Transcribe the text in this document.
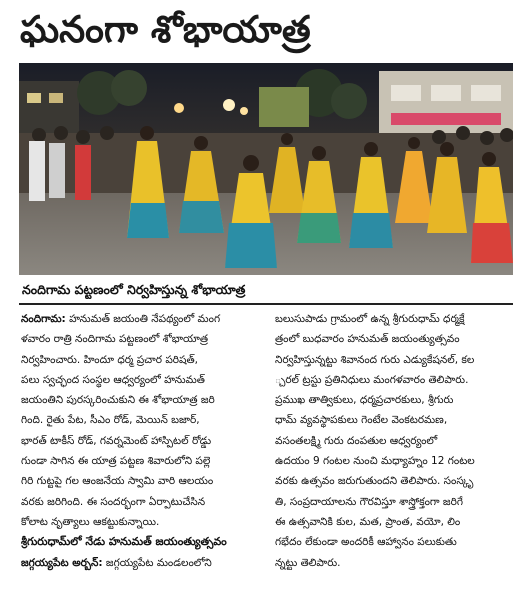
ఘనంగా శోభాయాత్ర
నందిగామ పట్టణంలో నిర్వహిస్తున్న శోభాయాత్ర
నందిగామ: హనుమత్ జయంతి నేపథ్యంలో మంగ
ళవారం రాత్రి నందిగామ పట్టణంలో శోభాయాత్ర
నిర్వహించారు. హిందూ ధర్మ ప్రచార పరిషత్,
పలు స్వచ్ఛంద సంస్థల ఆధ్వర్యంలో హనుమత్
జయంతిని పురస్కరించుకుని ఈ శోభాయాత్ర జరి
గింది. రైతు పేట, సీఎం రోడ్, మెయిన్ బజార్,
భారత్ టాకీస్ రోడ్, గవర్నమెంట్ హాస్పిటల్ రోడ్డు
గుండా సాగిన ఈ యాత్ర పట్టణ శివారులోని పల్లె
గిరి గుట్టపై గల ఆంజనేయ స్వామి వారి ఆలయం
వరకు జరిగింది. ఈ సందర్భంగా ఏర్పాటుచేసిన
కోలాట నృత్యాలు ఆకట్టుకున్నాయి.
శ్రీగురుధామ్‌లో నేడు హనుమత్ జయంత్యుత్సవం
జగ్గయ్యపేట అర్బన్: జగ్గయ్యపేట మండలంలోని
బలుసుపాడు గ్రామంలో ఉన్న శ్రీగురుధామ్ ధర్మక్షే
త్రంలో బుధవారం హనుమత్ జయంత్యుత్సవం
నిర్వహిస్తున్నట్టు శివానంద గురు ఎడ్యుకేషనల్, కల
్చరల్ ట్రస్టు ప్రతినిధులు మంగళవారం తెలిపారు.
ప్రముఖ తాత్వికులు, ధర్మప్రచారకులు, శ్రీగురు
ధామ్ వ్యవస్థాపకులు గెంటేల వెంకటరమణ,
వసంతలక్ష్మి గురు దంపతుల ఆధ్వర్యంలో
ఉదయం 9 గంటల నుంచి మధ్యాహ్నం 12 గంటల
వరకు ఉత్సవం జరుగుతుందని తెలిపారు. సంస్కృ
తి, సంప్రదాయాలను గౌరవిస్తూ శాస్త్రోక్తంగా జరిగే
ఈ ఉత్సవానికి కుల, మత, ప్రాంత, వయో, లిం
గభేదం లేకుండా అందరికీ ఆహ్వానం పలుకుతు
న్నట్టు తెలిపారు.
